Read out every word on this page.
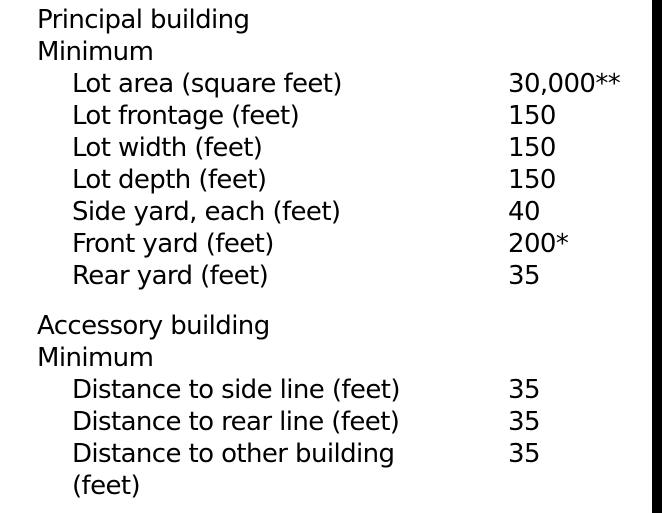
Principal building
Minimum
Lot area (square feet)	30,000**
Lot frontage (feet)	150
Lot width (feet)	150
Lot depth (feet)	150
Side yard, each (feet)	40
Front yard (feet)	200*
Rear yard (feet)	35
Accessory building
Minimum
Distance to side line (feet)	35
Distance to rear line (feet)	35
Distance to other building	35
(feet)
